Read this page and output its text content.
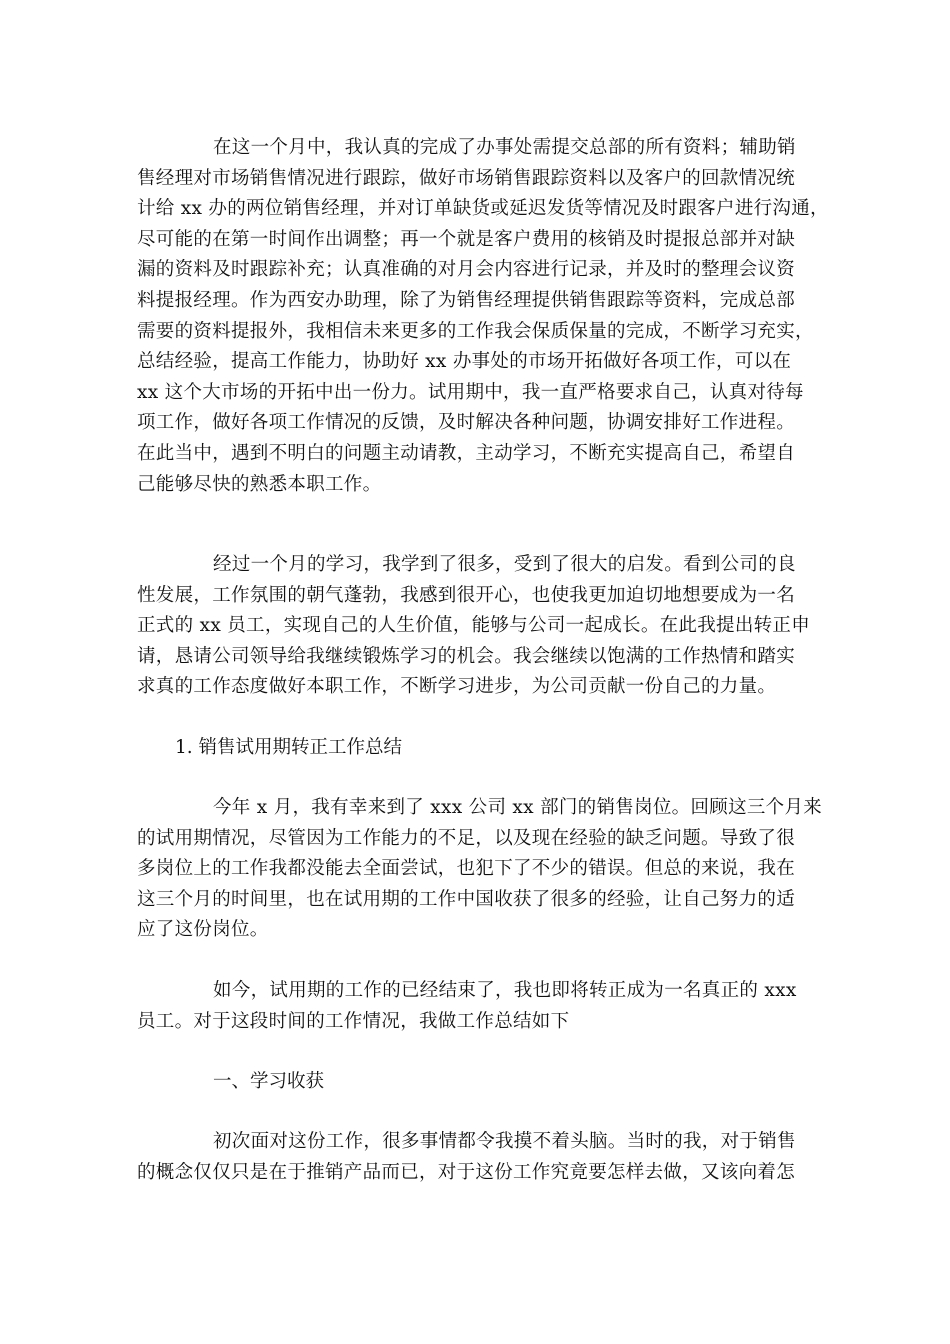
在这一个月中，我认真的完成了办事处需提交总部的所有资料；辅助销
售经理对市场销售情况进行跟踪，做好市场销售跟踪资料以及客户的回款情况统
计给 xx 办的两位销售经理，并对订单缺货或延迟发货等情况及时跟客户进行沟通，
尽可能的在第一时间作出调整；再一个就是客户费用的核销及时提报总部并对缺
漏的资料及时跟踪补充；认真准确的对月会内容进行记录，并及时的整理会议资
料提报经理。作为西安办助理，除了为销售经理提供销售跟踪等资料，完成总部
需要的资料提报外，我相信未来更多的工作我会保质保量的完成，不断学习充实，
总结经验，提高工作能力，协助好 xx 办事处的市场开拓做好各项工作，可以在
xx 这个大市场的开拓中出一份力。试用期中，我一直严格要求自己，认真对待每
项工作，做好各项工作情况的反馈，及时解决各种问题，协调安排好工作进程。
在此当中，遇到不明白的问题主动请教，主动学习，不断充实提高自己，希望自
己能够尽快的熟悉本职工作。
经过一个月的学习，我学到了很多，受到了很大的启发。看到公司的良
性发展，工作氛围的朝气蓬勃，我感到很开心，也使我更加迫切地想要成为一名
正式的 xx 员工，实现自己的人生价值，能够与公司一起成长。在此我提出转正申
请，恳请公司领导给我继续锻炼学习的机会。我会继续以饱满的工作热情和踏实
求真的工作态度做好本职工作，不断学习进步，为公司贡献一份自己的力量。
1. 销售试用期转正工作总结
今年 x 月，我有幸来到了 xxx 公司 xx 部门的销售岗位。回顾这三个月来
的试用期情况，尽管因为工作能力的不足，以及现在经验的缺乏问题。导致了很
多岗位上的工作我都没能去全面尝试，也犯下了不少的错误。但总的来说，我在
这三个月的时间里，也在试用期的工作中国收获了很多的经验，让自己努力的适
应了这份岗位。
如今，试用期的工作的已经结束了，我也即将转正成为一名真正的 xxx
员工。对于这段时间的工作情况，我做工作总结如下
一、学习收获
初次面对这份工作，很多事情都令我摸不着头脑。当时的我，对于销售
的概念仅仅只是在于推销产品而已，对于这份工作究竟要怎样去做，又该向着怎
